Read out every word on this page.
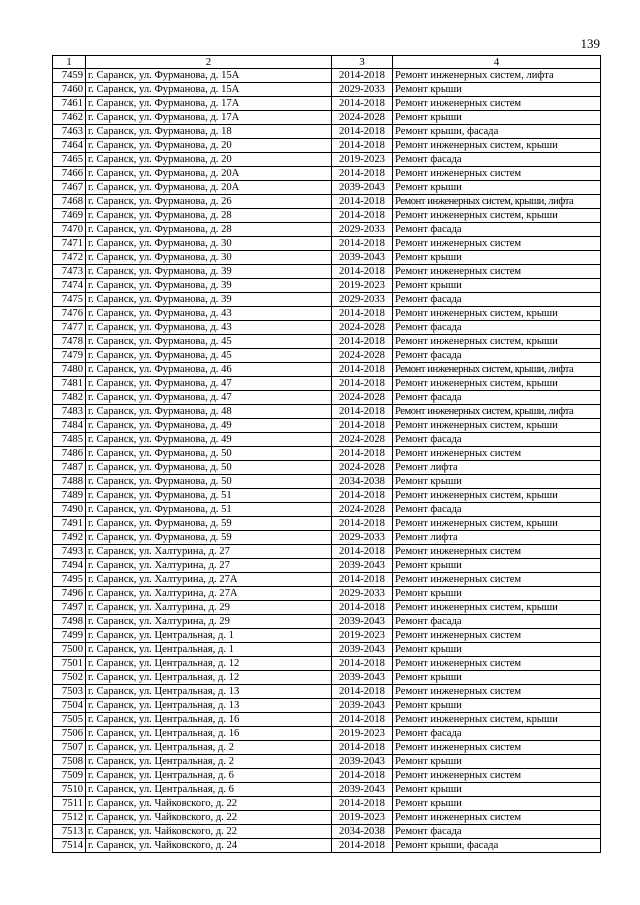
139
1	2	3	4
7459	г. Саранск, ул. Фурманова, д. 15А	2014-2018	Ремонт инженерных систем, лифта
7460	г. Саранск, ул. Фурманова, д. 15А	2029-2033	Ремонт крыши
7461	г. Саранск, ул. Фурманова, д. 17А	2014-2018	Ремонт инженерных систем
7462	г. Саранск, ул. Фурманова, д. 17А	2024-2028	Ремонт крыши
7463	г. Саранск, ул. Фурманова, д. 18	2014-2018	Ремонт крыши, фасада
7464	г. Саранск, ул. Фурманова, д. 20	2014-2018	Ремонт инженерных систем, крыши
7465	г. Саранск, ул. Фурманова, д. 20	2019-2023	Ремонт фасада
7466	г. Саранск, ул. Фурманова, д. 20А	2014-2018	Ремонт инженерных систем
7467	г. Саранск, ул. Фурманова, д. 20А	2039-2043	Ремонт крыши
7468	г. Саранск, ул. Фурманова, д. 26	2014-2018	Ремонт инженерных систем, крыши, лифта
7469	г. Саранск, ул. Фурманова, д. 28	2014-2018	Ремонт инженерных систем, крыши
7470	г. Саранск, ул. Фурманова, д. 28	2029-2033	Ремонт фасада
7471	г. Саранск, ул. Фурманова, д. 30	2014-2018	Ремонт инженерных систем
7472	г. Саранск, ул. Фурманова, д. 30	2039-2043	Ремонт крыши
7473	г. Саранск, ул. Фурманова, д. 39	2014-2018	Ремонт инженерных систем
7474	г. Саранск, ул. Фурманова, д. 39	2019-2023	Ремонт крыши
7475	г. Саранск, ул. Фурманова, д. 39	2029-2033	Ремонт фасада
7476	г. Саранск, ул. Фурманова, д. 43	2014-2018	Ремонт инженерных систем, крыши
7477	г. Саранск, ул. Фурманова, д. 43	2024-2028	Ремонт фасада
7478	г. Саранск, ул. Фурманова, д. 45	2014-2018	Ремонт инженерных систем, крыши
7479	г. Саранск, ул. Фурманова, д. 45	2024-2028	Ремонт фасада
7480	г. Саранск, ул. Фурманова, д. 46	2014-2018	Ремонт инженерных систем, крыши, лифта
7481	г. Саранск, ул. Фурманова, д. 47	2014-2018	Ремонт инженерных систем, крыши
7482	г. Саранск, ул. Фурманова, д. 47	2024-2028	Ремонт фасада
7483	г. Саранск, ул. Фурманова, д. 48	2014-2018	Ремонт инженерных систем, крыши, лифта
7484	г. Саранск, ул. Фурманова, д. 49	2014-2018	Ремонт инженерных систем, крыши
7485	г. Саранск, ул. Фурманова, д. 49	2024-2028	Ремонт фасада
7486	г. Саранск, ул. Фурманова, д. 50	2014-2018	Ремонт инженерных систем
7487	г. Саранск, ул. Фурманова, д. 50	2024-2028	Ремонт лифта
7488	г. Саранск, ул. Фурманова, д. 50	2034-2038	Ремонт крыши
7489	г. Саранск, ул. Фурманова, д. 51	2014-2018	Ремонт инженерных систем, крыши
7490	г. Саранск, ул. Фурманова, д. 51	2024-2028	Ремонт фасада
7491	г. Саранск, ул. Фурманова, д. 59	2014-2018	Ремонт инженерных систем, крыши
7492	г. Саранск, ул. Фурманова, д. 59	2029-2033	Ремонт лифта
7493	г. Саранск, ул. Халтурина, д. 27	2014-2018	Ремонт инженерных систем
7494	г. Саранск, ул. Халтурина, д. 27	2039-2043	Ремонт крыши
7495	г. Саранск, ул. Халтурина, д. 27А	2014-2018	Ремонт инженерных систем
7496	г. Саранск, ул. Халтурина, д. 27А	2029-2033	Ремонт крыши
7497	г. Саранск, ул. Халтурина, д. 29	2014-2018	Ремонт инженерных систем, крыши
7498	г. Саранск, ул. Халтурина, д. 29	2039-2043	Ремонт фасада
7499	г. Саранск, ул. Центральная, д. 1	2019-2023	Ремонт инженерных систем
7500	г. Саранск, ул. Центральная, д. 1	2039-2043	Ремонт крыши
7501	г. Саранск, ул. Центральная, д. 12	2014-2018	Ремонт инженерных систем
7502	г. Саранск, ул. Центральная, д. 12	2039-2043	Ремонт крыши
7503	г. Саранск, ул. Центральная, д. 13	2014-2018	Ремонт инженерных систем
7504	г. Саранск, ул. Центральная, д. 13	2039-2043	Ремонт крыши
7505	г. Саранск, ул. Центральная, д. 16	2014-2018	Ремонт инженерных систем, крыши
7506	г. Саранск, ул. Центральная, д. 16	2019-2023	Ремонт фасада
7507	г. Саранск, ул. Центральная, д. 2	2014-2018	Ремонт инженерных систем
7508	г. Саранск, ул. Центральная, д. 2	2039-2043	Ремонт крыши
7509	г. Саранск, ул. Центральная, д. 6	2014-2018	Ремонт инженерных систем
7510	г. Саранск, ул. Центральная, д. 6	2039-2043	Ремонт крыши
7511	г. Саранск, ул. Чайковского, д. 22	2014-2018	Ремонт крыши
7512	г. Саранск, ул. Чайковского, д. 22	2019-2023	Ремонт инженерных систем
7513	г. Саранск, ул. Чайковского, д. 22	2034-2038	Ремонт фасада
7514	г. Саранск, ул. Чайковского, д. 24	2014-2018	Ремонт крыши, фасада
